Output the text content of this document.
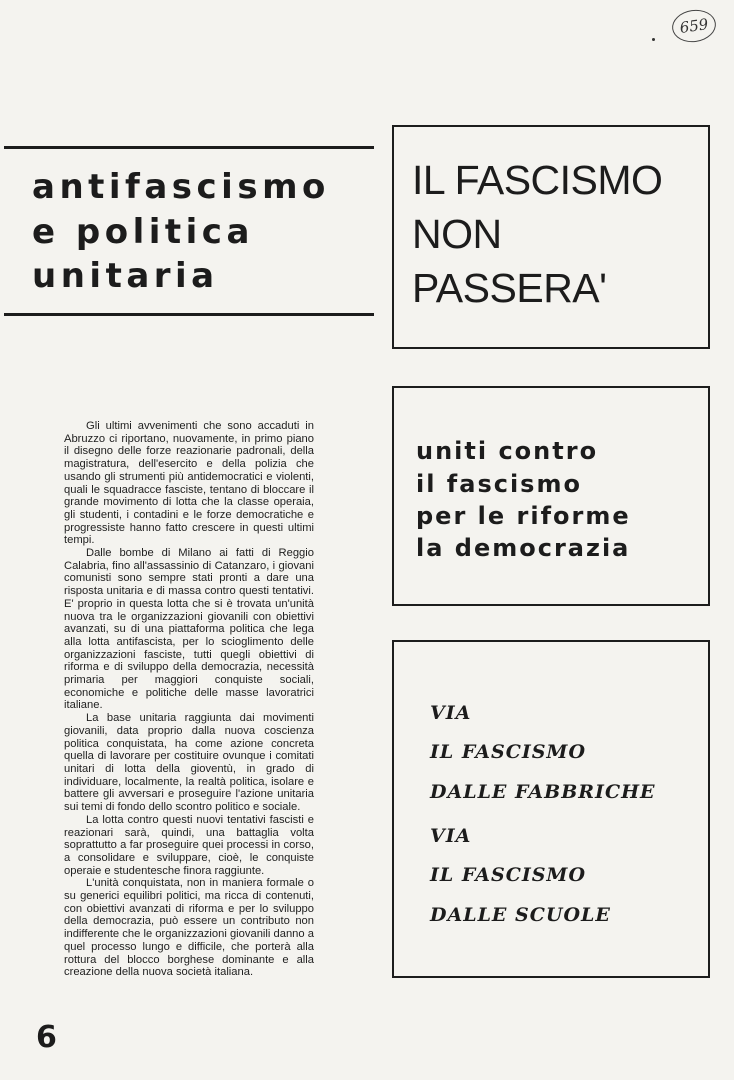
659
antifascismo
e politica
unitaria
IL FASCISMO
NON
PASSERA'
uniti contro
il fascismo
per le riforme
la democrazia
VIA
IL FASCISMO
DALLE FABBRICHE
VIA
IL FASCISMO
DALLE SCUOLE

Gli ultimi avvenimenti che sono accaduti in Abruzzo ci riportano, nuovamente, in primo piano il disegno delle forze reazionarie padronali, della magistratura, dell'esercito e della polizia che usando gli strumenti più antidemocratici e violenti, quali le squadracce fasciste, tentano di bloccare il grande movimento di lotta che la classe operaia, gli studenti, i contadini e le forze democratiche e progressiste hanno fatto crescere in questi ultimi tempi.

Dalle bombe di Milano ai fatti di Reggio Calabria, fino all'assassinio di Catanzaro, i giovani comunisti sono sempre stati pronti a dare una risposta unitaria e di massa contro questi tentativi. E' proprio in questa lotta che si è trovata un'unità nuova tra le organizzazioni giovanili con obiettivi avanzati, su di una piattaforma politica che lega alla lotta antifascista, per lo scioglimento delle organizzazioni fasciste, tutti quegli obiettivi di riforma e di sviluppo della democrazia, necessità primaria per maggiori conquiste sociali, economiche e politiche delle masse lavoratrici italiane.

La base unitaria raggiunta dai movimenti giovanili, data proprio dalla nuova coscienza politica conquistata, ha come azione concreta quella di lavorare per costituire ovunque i comitati unitari di lotta della gioventù, in grado di individuare, localmente, la realtà politica, isolare e battere gli avversari e proseguire l'azione unitaria sui temi di fondo dello scontro politico e sociale.

La lotta contro questi nuovi tentativi fascisti e reazionari sarà, quindi, una battaglia volta soprattutto a far proseguire quei processi in corso, a consolidare e sviluppare, cioè, le conquiste operaie e studentesche finora raggiunte.

L'unità conquistata, non in maniera formale o su generici equilibri politici, ma ricca di contenuti, con obiettivi avanzati di riforma e per lo sviluppo della democrazia, può essere un contributo non indifferente che le organizzazioni giovanili danno a quel processo lungo e difficile, che porterà alla rottura del blocco borghese dominante e alla creazione della nuova società italiana.

6
